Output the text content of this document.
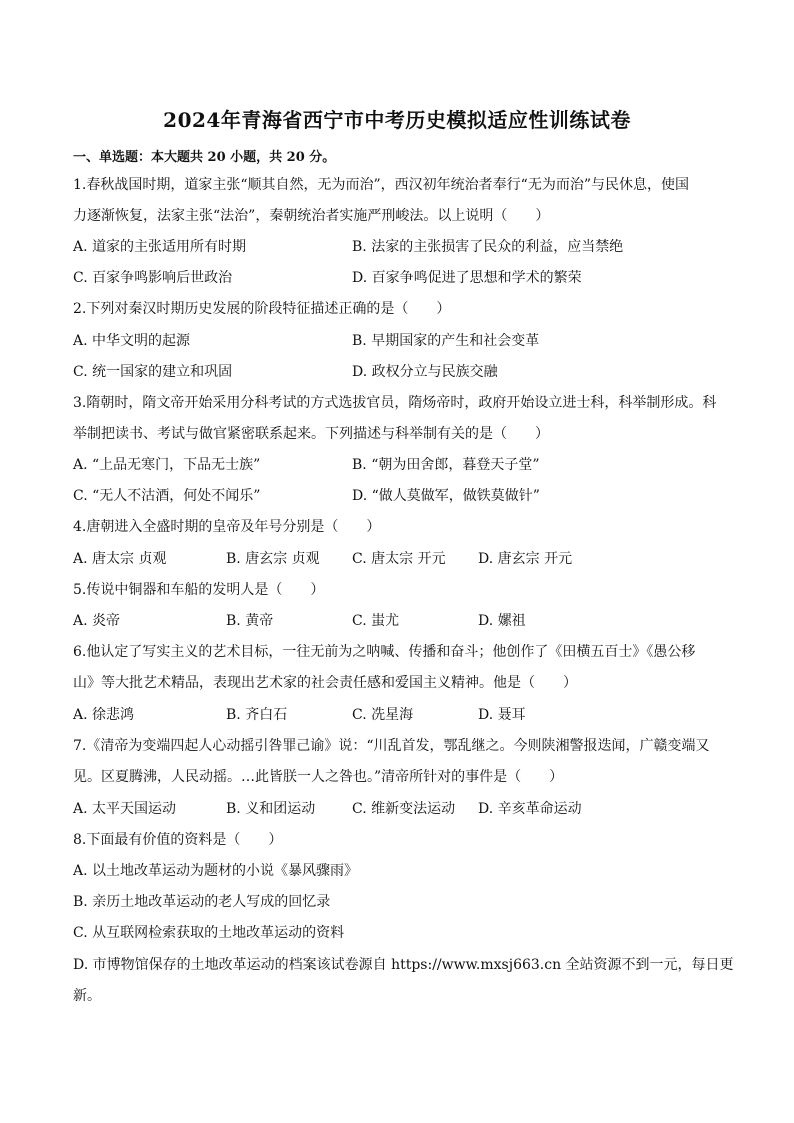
2024年青海省西宁市中考历史模拟适应性训练试卷
一、单选题：本大题共 20 小题，共 20 分。
1.春秋战国时期，道家主张“顺其自然，无为而治”，西汉初年统治者奉行“无为而治”与民休息，使国
力逐渐恢复，法家主张“法治”，秦朝统治者实施严刑峻法。以上说明（　　）
A. 道家的主张适用所有时期	B. 法家的主张损害了民众的利益，应当禁绝
C. 百家争鸣影响后世政治	D. 百家争鸣促进了思想和学术的繁荣
2.下列对秦汉时期历史发展的阶段特征描述正确的是（　　）
A. 中华文明的起源	B. 早期国家的产生和社会变革
C. 统一国家的建立和巩固	D. 政权分立与民族交融
3.隋朝时，隋文帝开始采用分科考试的方式选拔官员，隋炀帝时，政府开始设立进士科，科举制形成。科
举制把读书、考试与做官紧密联系起来。下列描述与科举制有关的是（　　）
A. “上品无寒门，下品无士族”	B. “朝为田舍郎，暮登天子堂”
C. “无人不沽酒，何处不闻乐”	D. “做人莫做军，做铁莫做针”
4.唐朝进入全盛时期的皇帝及年号分别是（　　）
A. 唐太宗 贞观	B. 唐玄宗 贞观 C. 唐太宗 开元 D. 唐玄宗 开元
5.传说中铜器和车船的发明人是（　　）
A. 炎帝	B. 黄帝	C. 蚩尤	D. 嫘祖
6.他认定了写实主义的艺术目标，一往无前为之呐喊、传播和奋斗；他创作了《田横五百士》《愚公移
山》等大批艺术精品，表现出艺术家的社会责任感和爱国主义精神。他是（　　）
A. 徐悲鸿	B. 齐白石	C. 冼星海	D. 聂耳
7.《清帝为变端四起人心动摇引咎罪己谕》说：“川乱首发，鄂乱继之。今则陕湘警报迭闻，广赣变端又
见。区夏腾沸，人民动摇。…此皆朕一人之咎也。”清帝所针对的事件是（　　）
A. 太平天国运动	B. 义和团运动	C. 维新变法运动 D. 辛亥革命运动
8.下面最有价值的资料是（　　）
A. 以土地改革运动为题材的小说《暴风骤雨》
B. 亲历土地改革运动的老人写成的回忆录
C. 从互联网检索获取的土地改革运动的资料
D. 市博物馆保存的土地改革运动的档案该试卷源自 https://www.mxsj663.cn 全站资源不到一元，每日更
新。
